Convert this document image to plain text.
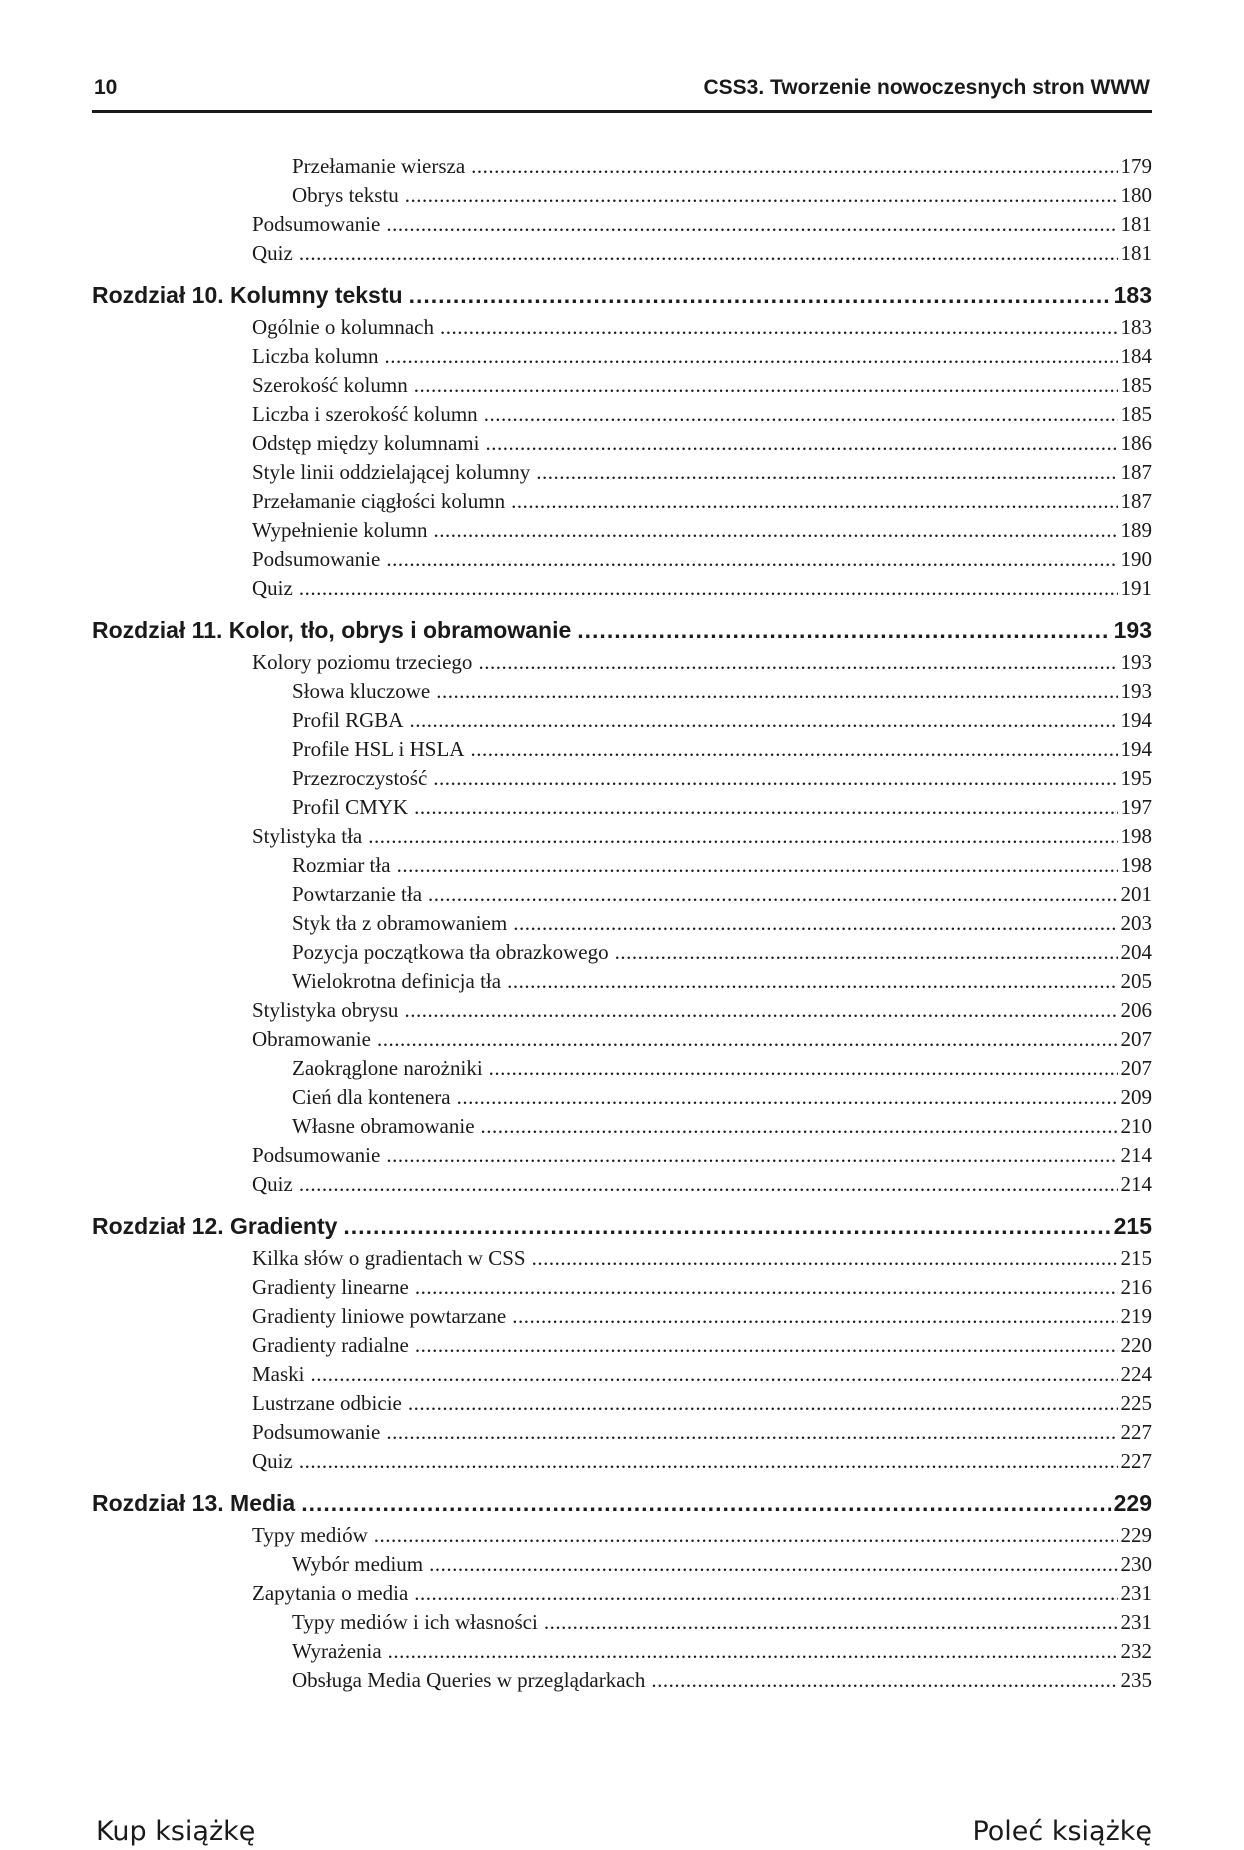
10	CSS3. Tworzenie nowoczesnych stron WWW
Przełamanie wiersza .....	179
Obrys tekstu .....	180
Podsumowanie .....	181
Quiz .....	181
Rozdział 10. Kolumny tekstu .....	183
Ogólnie o kolumnach .....	183
Liczba kolumn .....	184
Szerokość kolumn .....	185
Liczba i szerokość kolumn .....	185
Odstęp między kolumnami .....	186
Style linii oddzielającej kolumny .....	187
Przełamanie ciągłości kolumn .....	187
Wypełnienie kolumn .....	189
Podsumowanie .....	190
Quiz .....	191
Rozdział 11. Kolor, tło, obrys i obramowanie .....	193
Kolory poziomu trzeciego .....	193
Słowa kluczowe .....	193
Profil RGBA .....	194
Profile HSL i HSLA .....	194
Przezroczystość .....	195
Profil CMYK .....	197
Stylistyka tła .....	198
Rozmiar tła .....	198
Powtarzanie tła .....	201
Styk tła z obramowaniem .....	203
Pozycja początkowa tła obrazkowego .....	204
Wielokrotna definicja tła .....	205
Stylistyka obrysu .....	206
Obramowanie .....	207
Zaokrąglone narożniki .....	207
Cień dla kontenera .....	209
Własne obramowanie .....	210
Podsumowanie .....	214
Quiz .....	214
Rozdział 12. Gradienty .....	215
Kilka słów o gradientach w CSS .....	215
Gradienty linearne .....	216
Gradienty liniowe powtarzane .....	219
Gradienty radialne .....	220
Maski .....	224
Lustrzane odbicie .....	225
Podsumowanie .....	227
Quiz .....	227
Rozdział 13. Media .....	229
Typy mediów .....	229
Wybór medium .....	230
Zapytania o media .....	231
Typy mediów i ich własności .....	231
Wyrażenia .....	232
Obsługa Media Queries w przeglądarkach .....	235
Kup książkę	Poleć książkę
